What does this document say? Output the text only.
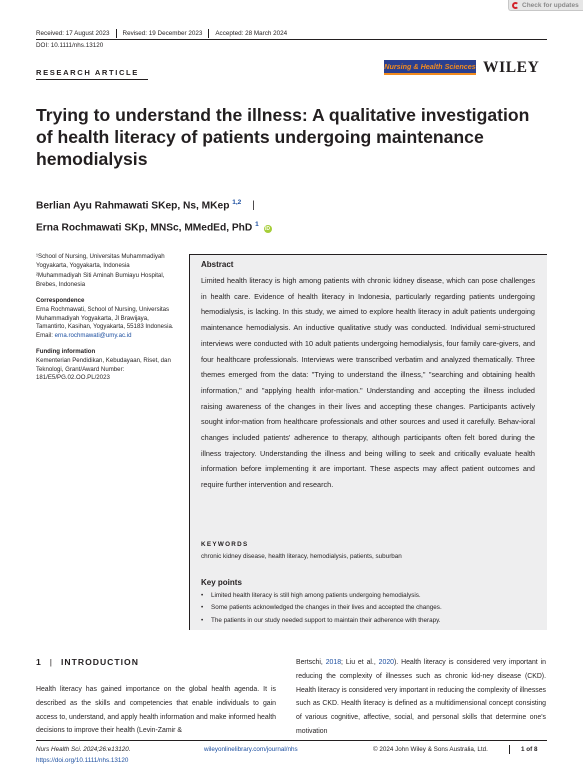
Check for updates
Received: 17 August 2023 Revised: 19 December 2023 Accepted: 28 March 2024
DOI: 10.1111/nhs.13120
RESEARCH ARTICLE
Nursing & Health Sciences WILEY
Trying to understand the illness: A qualitative investigation of health literacy of patients undergoing maintenance hemodialysis
Berlian Ayu Rahmawati SKep, Ns, MKep $^{1,2}$ |
Erna Rochmawati SKp, MNSc, MMedEd, PhD $^1$ iD
¹School of Nursing, Universitas Muhammadiyah Yogyakarta, Yogyakarta, Indonesia
²Muhammadiyah Siti Aminah Bumiayu Hospital, Brebes, Indonesia
Correspondence
Erna Rochmawati, School of Nursing, Universitas Muhammadiyah Yogyakarta, Jl Brawijaya, Tamantirto, Kasihan, Yogyakarta, 55183 Indonesia.
Email: erna.rochmawati@umy.ac.id
Funding information
Kementerian Pendidikan, Kebudayaan, Riset, dan Teknologi, Grant/Award Number: 181/E5/PG.02.OO.PL/2023
Abstract
Limited health literacy is high among patients with chronic kidney disease, which can pose challenges in health care. Evidence of health literacy in Indonesia, particularly regarding patients undergoing hemodialysis, is lacking. In this study, we aimed to explore health literacy in adult patients undergoing maintenance hemodialysis. An inductive qualitative study was conducted. Individual semi-structured interviews were conducted with 10 adult patients undergoing hemodialysis, four family care-givers, and four healthcare professionals. Interviews were transcribed verbatim and analyzed thematically. Three themes emerged from the data: "Trying to understand the illness," "searching and obtaining health information," and "applying health infor-mation." Understanding and accepting the illness included raising awareness of the changes in their lives and accepting these changes. Participants actively sought infor-mation from healthcare professionals and other sources and used it carefully. Behav-ioral changes included patients' adherence to therapy, although participants often felt bored during the illness trajectory. Understanding the illness and being willing to seek and critically evaluate health information before implementing it are important. These aspects may affect patient outcomes and require further intervention and research.
KEYWORDS
chronic kidney disease, health literacy, hemodialysis, patients, suburban
Key points
• Limited health literacy is still high among patients undergoing hemodialysis.
• Some patients acknowledged the changes in their lives and accepted the changes.
• The patients in our study needed support to maintain their adherence with therapy.
1 | INTRODUCTION
Health literacy has gained importance on the global health agenda. It is described as the skills and competencies that enable individuals to gain access to, understand, and apply health information and make informed health decisions to improve their health (Levin-Zamir &
Bertschi, 2018; Liu et al., 2020). Health literacy is considered very important in reducing the complexity of illnesses such as chronic kid-ney disease (CKD). Health literacy is considered very important in reducing the complexity of illnesses such as CKD. Health literacy is defined as a multidimensional concept consisting of various cognitive, affective, social, and personal skills that determine one's motivation
Nurs Health Sci. 2024;26:e13120.
https://doi.org/10.1111/nhs.13120
wileyonlinelibrary.com/journal/nhs	© 2024 John Wiley & Sons Australia, Ltd.	1 of 8
